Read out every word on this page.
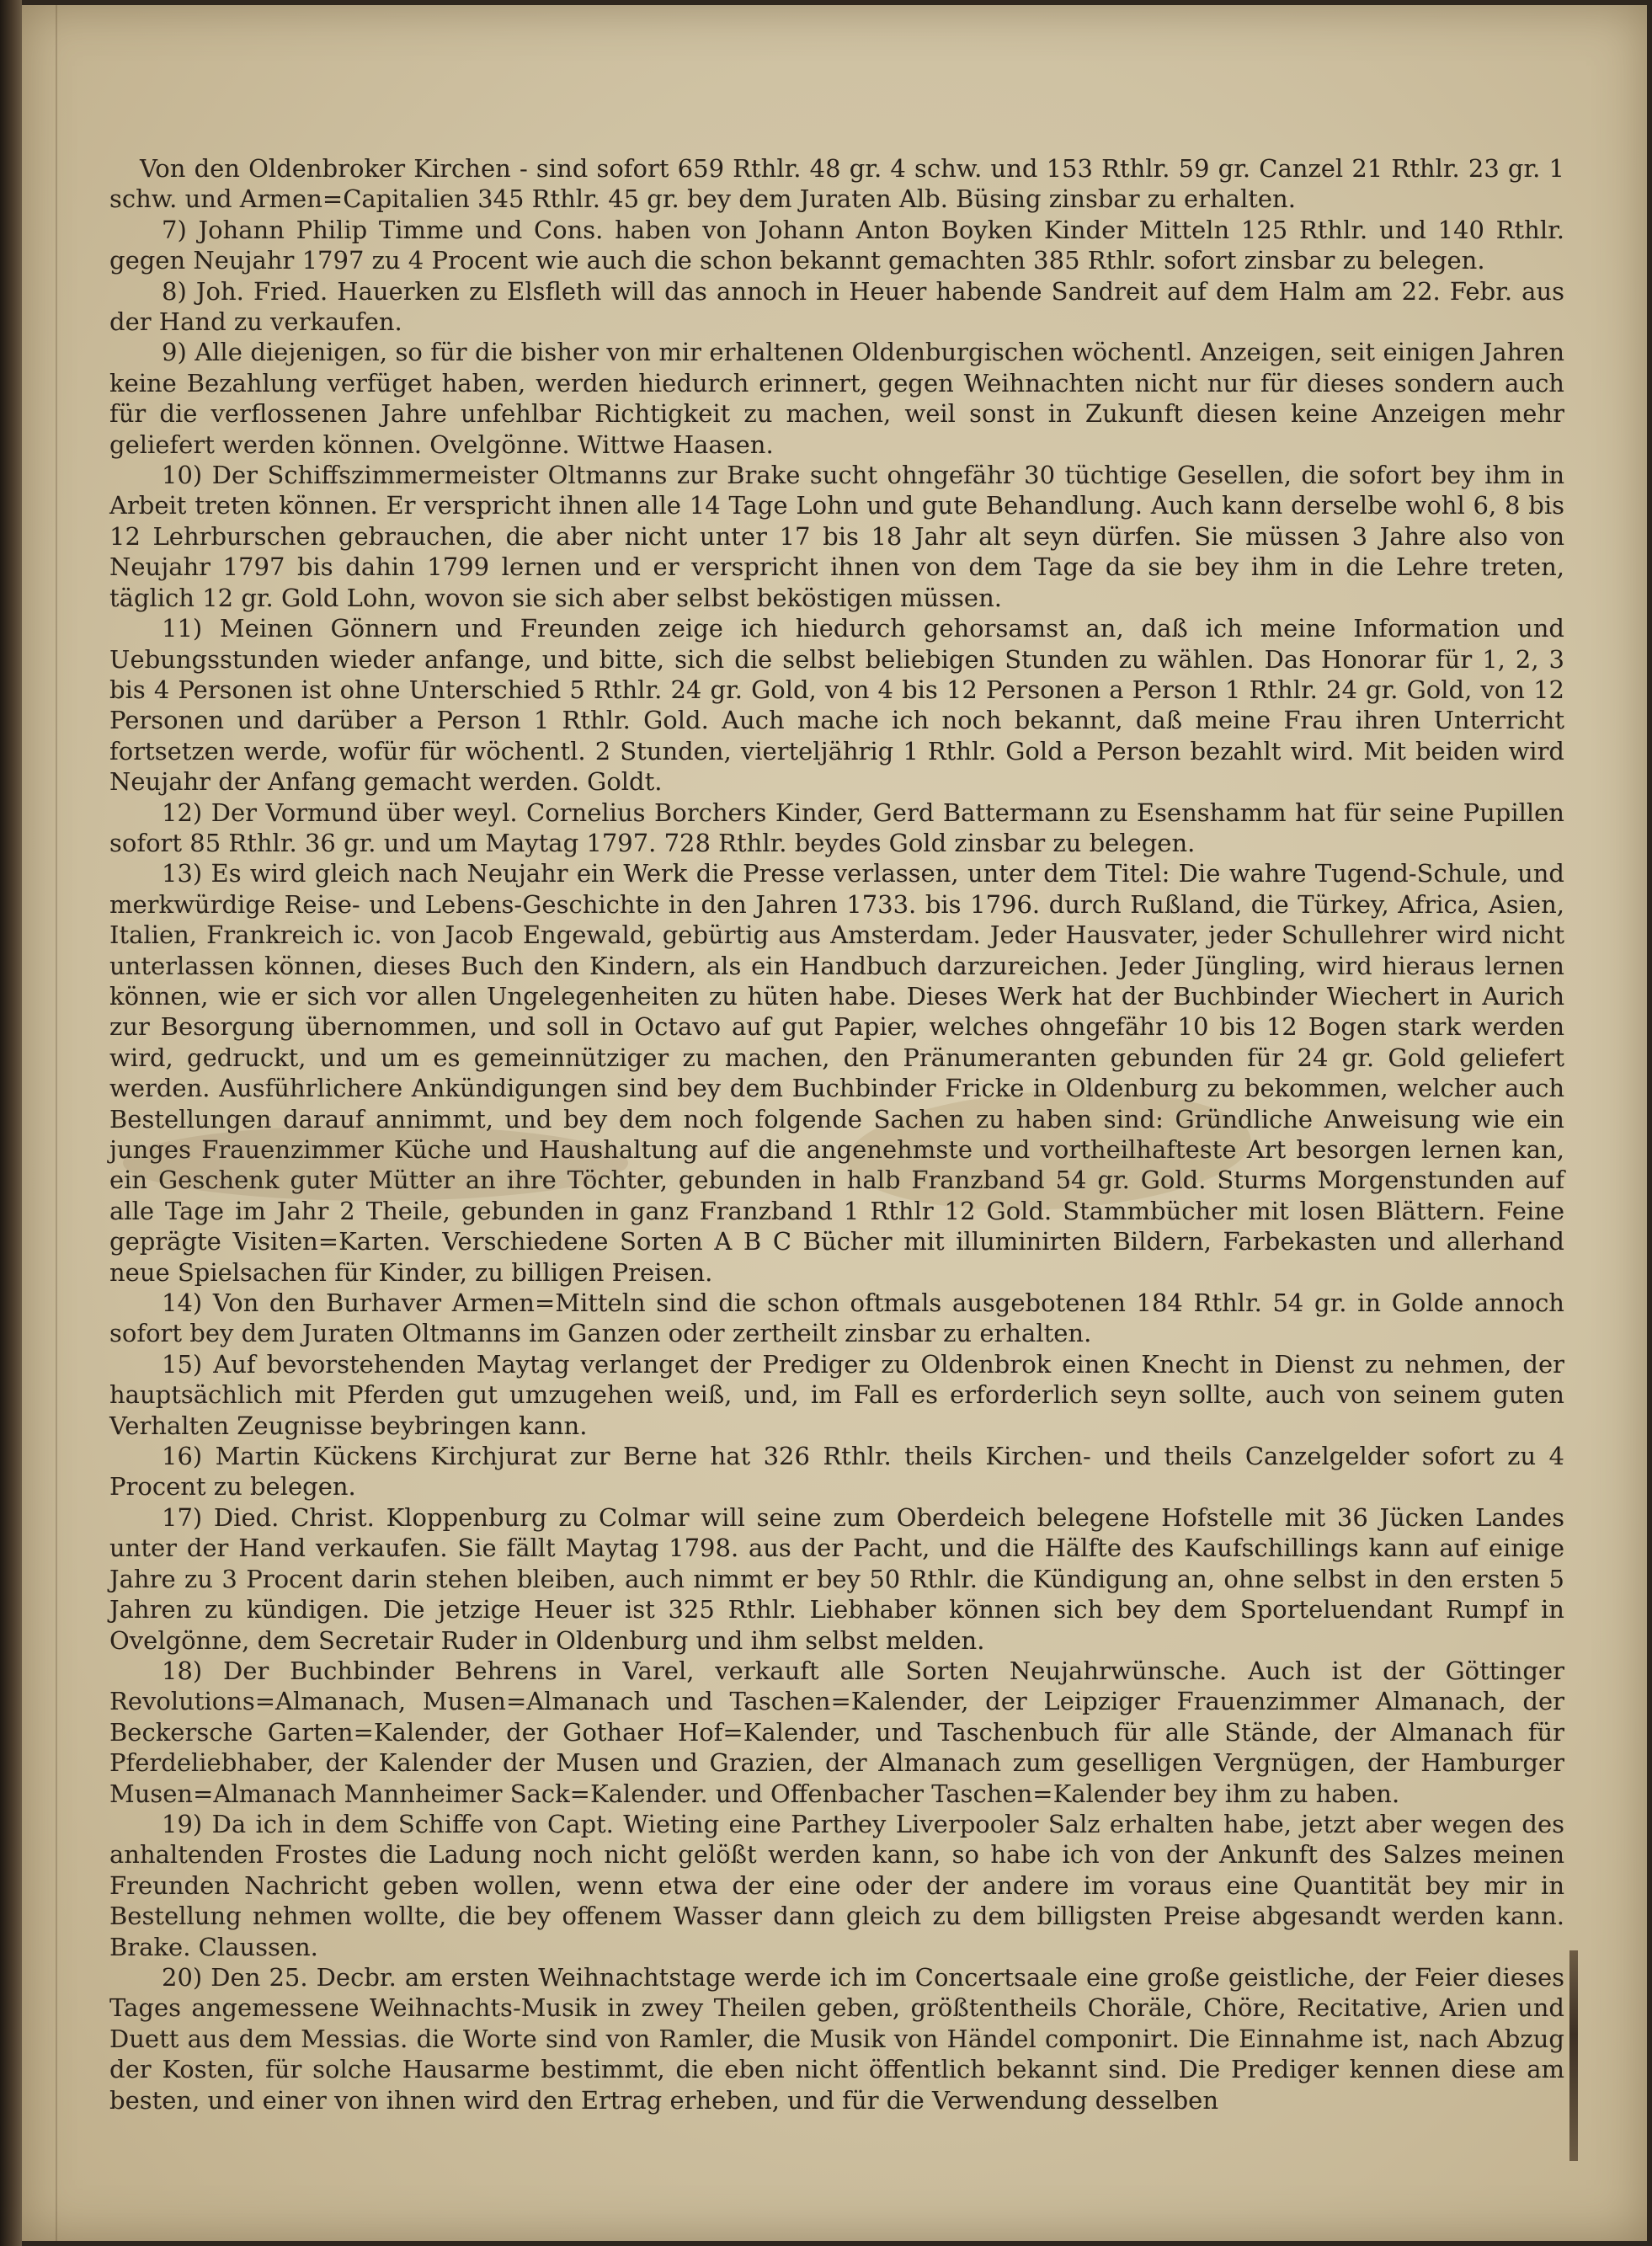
Von den Oldenbroker Kirchen - sind sofort 659 Rthlr. 48 gr. 4 schw. und 153 Rthlr. 59 gr. Canzel 21 Rthlr. 23 gr. 1 schw. und Armen=Capitalien 345 Rthlr. 45 gr. bey dem Juraten Alb. Büsing zinsbar zu erhalten.

7) Johann Philip Timme und Cons. haben von Johann Anton Boyken Kinder Mitteln 125 Rthlr. und 140 Rthlr. gegen Neujahr 1797 zu 4 Procent wie auch die schon bekannt gemachten 385 Rthlr. sofort zinsbar zu belegen.

8) Joh. Fried. Hauerken zu Elsfleth will das annoch in Heuer habende Sandreit auf dem Halm am 22. Febr. aus der Hand zu verkaufen.

9) Alle diejenigen, so für die bisher von mir erhaltenen Oldenburgischen wöchentl. Anzeigen, seit einigen Jahren keine Bezahlung verfüget haben, werden hiedurch erinnert, gegen Weihnachten nicht nur für dieses sondern auch für die verflossenen Jahre unfehlbar Richtigkeit zu machen, weil sonst in Zukunft diesen keine Anzeigen mehr geliefert werden können. Ovelgönne. Wittwe Haasen.

10) Der Schiffszimmermeister Oltmanns zur Brake sucht ohngefähr 30 tüchtige Gesellen, die sofort bey ihm in Arbeit treten können. Er verspricht ihnen alle 14 Tage Lohn und gute Behandlung. Auch kann derselbe wohl 6, 8 bis 12 Lehrburschen gebrauchen, die aber nicht unter 17 bis 18 Jahr alt seyn dürfen. Sie müssen 3 Jahre also von Neujahr 1797 bis dahin 1799 lernen und er verspricht ihnen von dem Tage da sie bey ihm in die Lehre treten, täglich 12 gr. Gold Lohn, wovon sie sich aber selbst beköstigen müssen.

11) Meinen Gönnern und Freunden zeige ich hiedurch gehorsamst an, daß ich meine Information und Uebungsstunden wieder anfange, und bitte, sich die selbst beliebigen Stunden zu wählen. Das Honorar für 1, 2, 3 bis 4 Personen ist ohne Unterschied 5 Rthlr. 24 gr. Gold, von 4 bis 12 Personen a Person 1 Rthlr. 24 gr. Gold, von 12 Personen und darüber a Person 1 Rthlr. Gold. Auch mache ich noch bekannt, daß meine Frau ihren Unterricht fortsetzen werde, wofür für wöchentl. 2 Stunden, vierteljährig 1 Rthlr. Gold a Person bezahlt wird. Mit beiden wird Neujahr der Anfang gemacht werden. Goldt.

12) Der Vormund über weyl. Cornelius Borchers Kinder, Gerd Battermann zu Esenshamm hat für seine Pupillen sofort 85 Rthlr. 36 gr. und um Maytag 1797. 728 Rthlr. beydes Gold zinsbar zu belegen.

13) Es wird gleich nach Neujahr ein Werk die Presse verlassen, unter dem Titel: Die wahre Tugend-Schule, und merkwürdige Reise- und Lebens-Geschichte in den Jahren 1733. bis 1796. durch Rußland, die Türkey, Africa, Asien, Italien, Frankreich ic. von Jacob Engewald, gebürtig aus Amsterdam. Jeder Hausvater, jeder Schullehrer wird nicht unterlassen können, dieses Buch den Kindern, als ein Handbuch darzureichen. Jeder Jüngling, wird hieraus lernen können, wie er sich vor allen Ungelegenheiten zu hüten habe. Dieses Werk hat der Buchbinder Wiechert in Aurich zur Besorgung übernommen, und soll in Octavo auf gut Papier, welches ohngefähr 10 bis 12 Bogen stark werden wird, gedruckt, und um es gemeinnütziger zu machen, den Pränumeranten gebunden für 24 gr. Gold geliefert werden. Ausführlichere Ankündigungen sind bey dem Buchbinder Fricke in Oldenburg zu bekommen, welcher auch Bestellungen darauf annimmt, und bey dem noch folgende Sachen zu haben sind: Gründliche Anweisung wie ein junges Frauenzimmer Küche und Haushaltung auf die angenehmste und vortheilhafteste Art besorgen lernen kan, ein Geschenk guter Mütter an ihre Töchter, gebunden in halb Franzband 54 gr. Gold. Sturms Morgenstunden auf alle Tage im Jahr 2 Theile, gebunden in ganz Franzband 1 Rthlr 12 Gold. Stammbücher mit losen Blättern. Feine geprägte Visiten=Karten. Verschiedene Sorten A B C Bücher mit illuminirten Bildern, Farbekasten und allerhand neue Spielsachen für Kinder, zu billigen Preisen.

14) Von den Burhaver Armen=Mitteln sind die schon oftmals ausgebotenen 184 Rthlr. 54 gr. in Golde annoch sofort bey dem Juraten Oltmanns im Ganzen oder zertheilt zinsbar zu erhalten.

15) Auf bevorstehenden Maytag verlanget der Prediger zu Oldenbrok einen Knecht in Dienst zu nehmen, der hauptsächlich mit Pferden gut umzugehen weiß, und, im Fall es erforderlich seyn sollte, auch von seinem guten Verhalten Zeugnisse beybringen kann.

16) Martin Kückens Kirchjurat zur Berne hat 326 Rthlr. theils Kirchen- und theils Canzelgelder sofort zu 4 Procent zu belegen.

17) Died. Christ. Kloppenburg zu Colmar will seine zum Oberdeich belegene Hofstelle mit 36 Jücken Landes unter der Hand verkaufen. Sie fällt Maytag 1798. aus der Pacht, und die Hälfte des Kaufschillings kann auf einige Jahre zu 3 Procent darin stehen bleiben, auch nimmt er bey 50 Rthlr. die Kündigung an, ohne selbst in den ersten 5 Jahren zu kündigen. Die jetzige Heuer ist 325 Rthlr. Liebhaber können sich bey dem Sporteluendant Rumpf in Ovelgönne, dem Secretair Ruder in Oldenburg und ihm selbst melden.

18) Der Buchbinder Behrens in Varel, verkauft alle Sorten Neujahrwünsche. Auch ist der Göttinger Revolutions=Almanach, Musen=Almanach und Taschen=Kalender, der Leipziger Frauenzimmer Almanach, der Beckersche Garten=Kalender, der Gothaer Hof=Kalender, und Taschenbuch für alle Stände, der Almanach für Pferdeliebhaber, der Kalender der Musen und Grazien, der Almanach zum geselligen Vergnügen, der Hamburger Musen=Almanach Mannheimer Sack=Kalender. und Offenbacher Taschen=Kalender bey ihm zu haben.

19) Da ich in dem Schiffe von Capt. Wieting eine Parthey Liverpooler Salz erhalten habe, jetzt aber wegen des anhaltenden Frostes die Ladung noch nicht gelößt werden kann, so habe ich von der Ankunft des Salzes meinen Freunden Nachricht geben wollen, wenn etwa der eine oder der andere im voraus eine Quantität bey mir in Bestellung nehmen wollte, die bey offenem Wasser dann gleich zu dem billigsten Preise abgesandt werden kann. Brake. Claussen.

20) Den 25. Decbr. am ersten Weihnachtstage werde ich im Concertsaale eine große geistliche, der Feier dieses Tages angemessene Weihnachts-Musik in zwey Theilen geben, größtentheils Choräle, Chöre, Recitative, Arien und Duett aus dem Messias. die Worte sind von Ramler, die Musik von Händel componirt. Die Einnahme ist, nach Abzug der Kosten, für solche Hausarme bestimmt, die eben nicht öffentlich bekannt sind. Die Prediger kennen diese am besten, und einer von ihnen wird den Ertrag erheben, und für die Verwendung desselben
